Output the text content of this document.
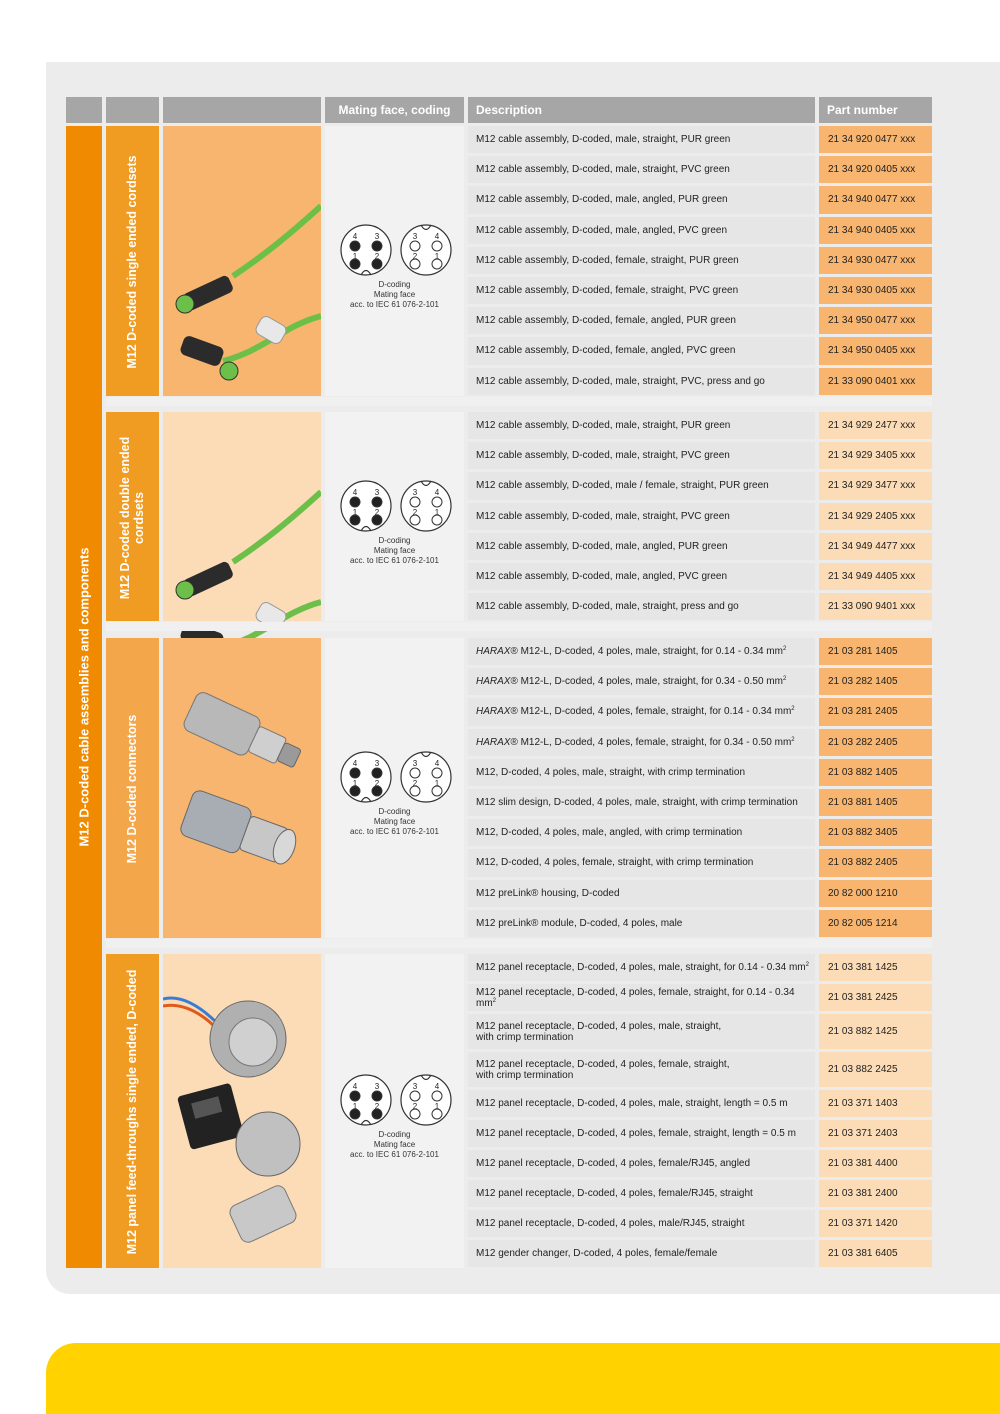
Mating face, coding	Description	Part number
M12 D-coded cable assemblies and components
M12 D-coded single ended cordsets	4 3
1 2
3 4
2 1
D-coding
Mating face
acc. to IEC 61 076-2-101
M12 cable assembly, D-coded, male, straight, PUR green	21 34 920 0477 xxx
M12 cable assembly, D-coded, male, straight, PVC green	21 34 920 0405 xxx
M12 cable assembly, D-coded, male, angled, PUR green	21 34 940 0477 xxx
M12 cable assembly, D-coded, male, angled, PVC green	21 34 940 0405 xxx
M12 cable assembly, D-coded, female, straight, PUR green	21 34 930 0477 xxx
M12 cable assembly, D-coded, female, straight, PVC green	21 34 930 0405 xxx
M12 cable assembly, D-coded, female, angled, PUR green	21 34 950 0477 xxx
M12 cable assembly, D-coded, female, angled, PVC green	21 34 950 0405 xxx
M12 cable assembly, D-coded, male, straight, PVC, press and go	21 33 090 0401 xxx
M12 D-coded double ended cordsets	4 3
1 2
3 4
2 1
D-coding
Mating face
acc. to IEC 61 076-2-101
M12 cable assembly, D-coded, male, straight, PUR green	21 34 929 2477 xxx
M12 cable assembly, D-coded, male, straight, PVC green	21 34 929 3405 xxx
M12 cable assembly, D-coded, male / female, straight, PUR green	21 34 929 3477 xxx
M12 cable assembly, D-coded, male, straight, PVC green	21 34 929 2405 xxx
M12 cable assembly, D-coded, male, angled, PUR green	21 34 949 4477 xxx
M12 cable assembly, D-coded, male, angled, PVC green	21 34 949 4405 xxx
M12 cable assembly, D-coded, male, straight, press and go	21 33 090 9401 xxx
M12 D-coded connectors	4 3
1 2
3 4
2 1
D-coding
Mating face
acc. to IEC 61 076-2-101
HARAX® M12-L, D-coded, 4 poles, male, straight, for 0.14 - 0.34 $mm^2$	21 03 281 1405
HARAX® M12-L, D-coded, 4 poles, male, straight, for 0.34 - 0.50 $mm^2$	21 03 282 1405
HARAX® M12-L, D-coded, 4 poles, female, straight, for 0.14 - 0.34 $mm^2$	21 03 281 2405
HARAX® M12-L, D-coded, 4 poles, female, straight, for 0.34 - 0.50 $mm^2$	21 03 282 2405
M12, D-coded, 4 poles, male, straight, with crimp termination	21 03 882 1405
M12 slim design, D-coded, 4 poles, male, straight, with crimp termination	21 03 881 1405
M12, D-coded, 4 poles, male, angled, with crimp termination	21 03 882 3405
M12, D-coded, 4 poles, female, straight, with crimp termination	21 03 882 2405
M12 preLink® housing, D-coded	20 82 000 1210
M12 preLink® module, D-coded, 4 poles, male	20 82 005 1214
M12 panel feed-throughs single ended, D-coded	4 3
1 2
3 4
2 1
D-coding
Mating face
acc. to IEC 61 076-2-101
M12 panel receptacle, D-coded, 4 poles, male, straight, for 0.14 - 0.34 $mm^2$	21 03 381 1425
M12 panel receptacle, D-coded, 4 poles, female, straight, for 0.14 - 0.34 $mm^2$	21 03 381 2425
M12 panel receptacle, D-coded, 4 poles, male, straight,
with crimp termination	21 03 882 1425
M12 panel receptacle, D-coded, 4 poles, female, straight,
with crimp termination	21 03 882 2425
M12 panel receptacle, D-coded, 4 poles, male, straight, length = 0.5 m	21 03 371 1403
M12 panel receptacle, D-coded, 4 poles, female, straight, length = 0.5 m	21 03 371 2403
M12 panel receptacle, D-coded, 4 poles, female/RJ45, angled	21 03 381 4400
M12 panel receptacle, D-coded, 4 poles, female/RJ45, straight	21 03 381 2400
M12 panel receptacle, D-coded, 4 poles, male/RJ45, straight	21 03 371 1420
M12 gender changer, D-coded, 4 poles, female/female	21 03 381 6405
